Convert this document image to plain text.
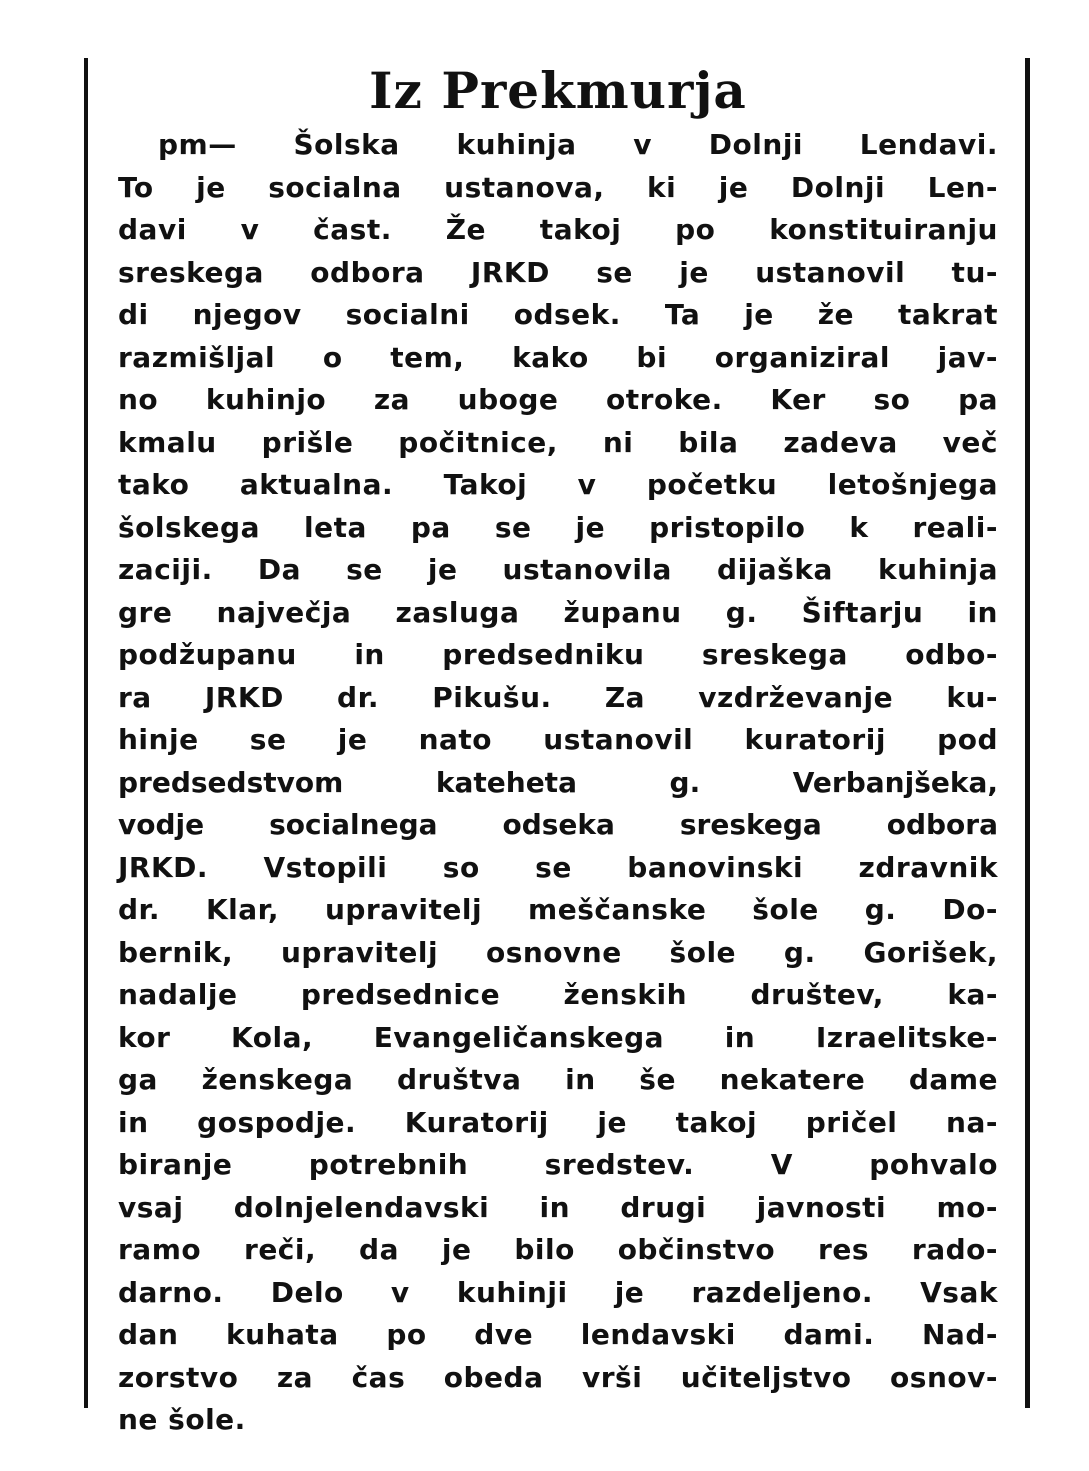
Iz Prekmurja
pm— Šolska kuhinja v Dolnji Lendavi.
To je socialna ustanova, ki je Dolnji Len-
davi v čast. Že takoj po konstituiranju
sreskega odbora JRKD se je ustanovil tu-
di njegov socialni odsek. Ta je že takrat
razmišljal o tem, kako bi organiziral jav-
no kuhinjo za uboge otroke. Ker so pa
kmalu prišle počitnice, ni bila zadeva več
tako aktualna. Takoj v početku letošnjega
šolskega leta pa se je pristopilo k reali-
zaciji. Da se je ustanovila dijaška kuhinja
gre največja zasluga županu g. Šiftarju in
podžupanu in predsedniku sreskega odbo-
ra JRKD dr. Pikušu. Za vzdrževanje ku-
hinje se je nato ustanovil kuratorij pod
predsedstvom kateheta g. Verbanjšeka,
vodje socialnega odseka sreskega odbora
JRKD. Vstopili so se banovinski zdravnik
dr. Klar, upravitelj meščanske šole g. Do-
bernik, upravitelj osnovne šole g. Gorišek,
nadalje predsednice ženskih društev, ka-
kor Kola, Evangeličanskega in Izraelitske-
ga ženskega društva in še nekatere dame
in gospodje. Kuratorij je takoj pričel na-
biranje potrebnih sredstev. V pohvalo
vsaj dolnjelendavski in drugi javnosti mo-
ramo reči, da je bilo občinstvo res rado-
darno. Delo v kuhinji je razdeljeno. Vsak
dan kuhata po dve lendavski dami. Nad-
zorstvo za čas obeda vrši učiteljstvo osnov-
ne šole.
